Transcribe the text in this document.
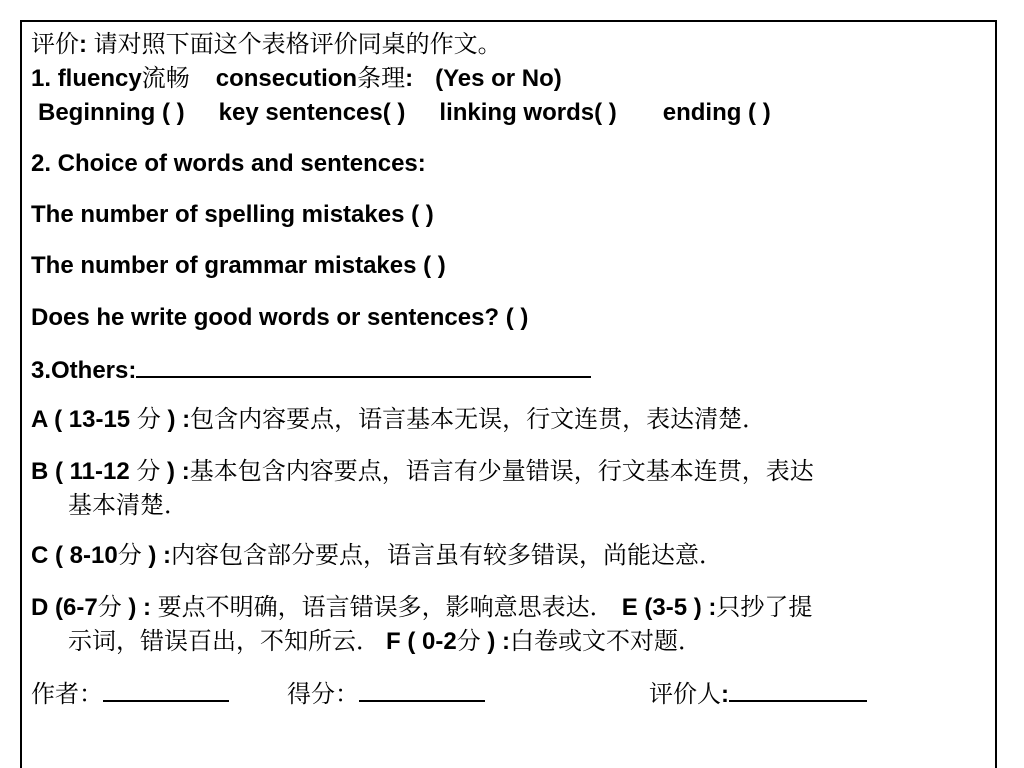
评价: 请对照下面这个表格评价同桌的作文。
1. fluency流畅 consecution条理: (Yes or No)
Beginning ( ) key sentences( ) linking words( ) ending ( )
2. Choice of words and sentences:
The number of spelling mistakes ( )
The number of grammar mistakes ( )
Does he write good words or sentences? ( )
3.Others:
A ( 13-15 分 ) :包含内容要点，语言基本无误，行文连贯，表达清楚．
B ( 11-12 分 ) :基本包含内容要点，语言有少量错误，行文基本连贯，表达
基本清楚．
C ( 8-10分 ) :内容包含部分要点，语言虽有较多错误，尚能达意．
D (6-7分 ) : 要点不明确，语言错误多，影响意思表达． E (3-5 ) :只抄了提
示词，错误百出，不知所云． F ( 0-2分 ) :白卷或文不对题．
作者：	得分：	评价人:
